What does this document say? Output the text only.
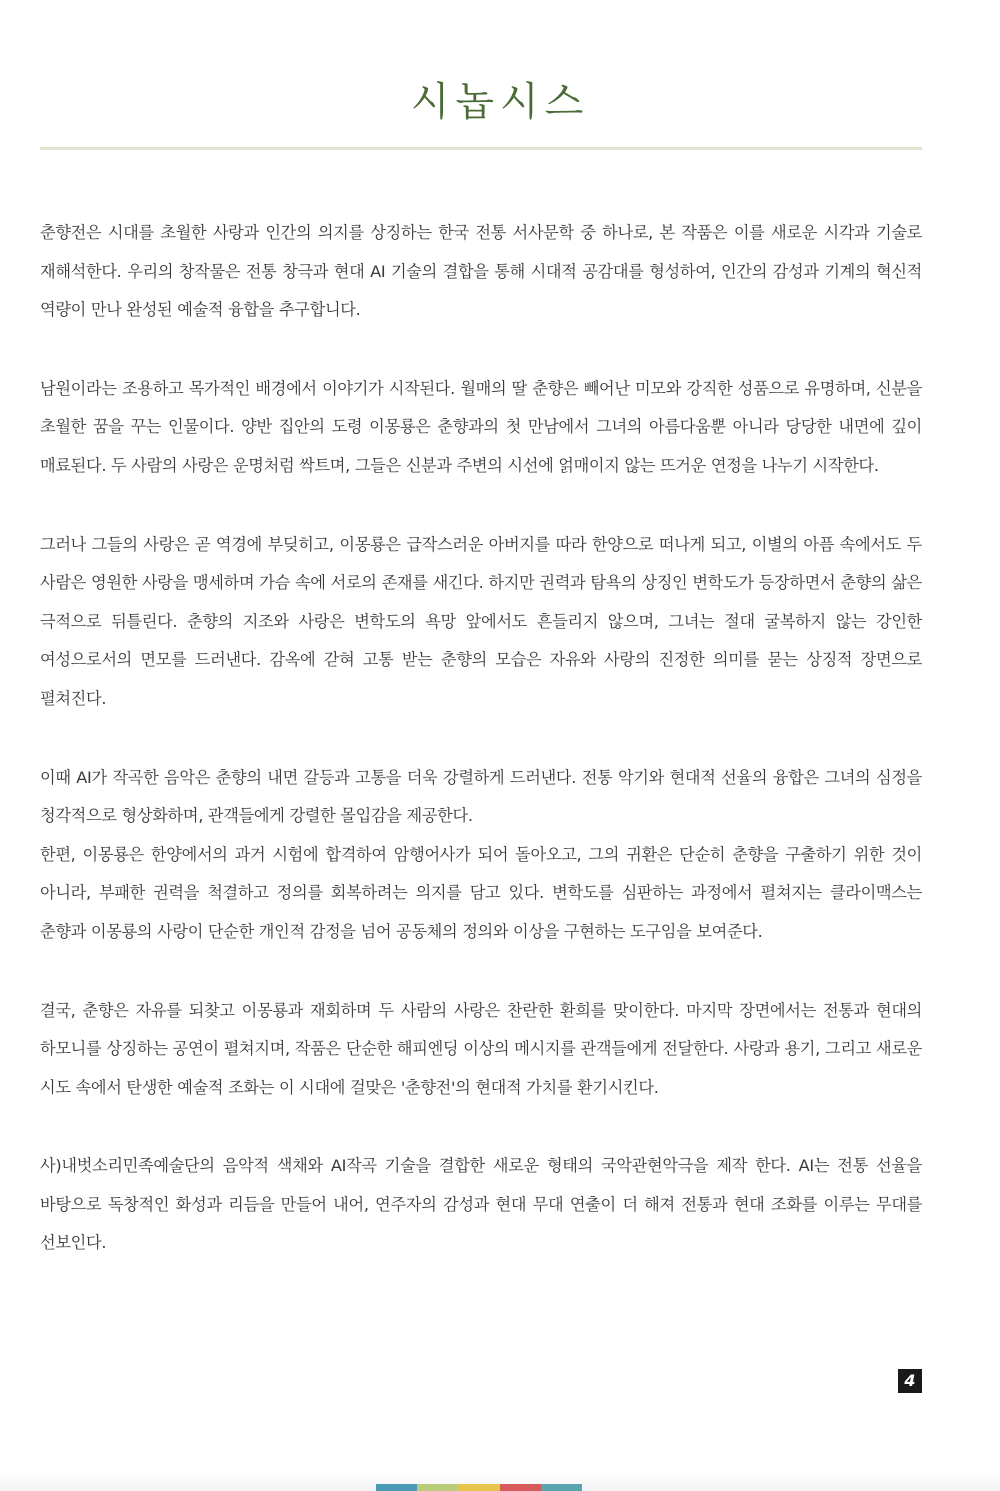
시놉시스

춘향전은 시대를 초월한 사랑과 인간의 의지를 상징하는 한국 전통 서사문학 중 하나로, 본 작품은 이를 새로운 시각과 기술로 재해석한다. 우리의 창작물은 전통 창극과 현대 AI 기술의 결합을 통해 시대적 공감대를 형성하여, 인간의 감성과 기계의 혁신적 역량이 만나 완성된 예술적 융합을 추구합니다.

남원이라는 조용하고 목가적인 배경에서 이야기가 시작된다. 월매의 딸 춘향은 빼어난 미모와 강직한 성품으로 유명하며, 신분을 초월한 꿈을 꾸는 인물이다. 양반 집안의 도령 이몽룡은 춘향과의 첫 만남에서 그녀의 아름다움뿐 아니라 당당한 내면에 깊이 매료된다. 두 사람의 사랑은 운명처럼 싹트며, 그들은 신분과 주변의 시선에 얽매이지 않는 뜨거운 연정을 나누기 시작한다.

그러나 그들의 사랑은 곧 역경에 부딪히고, 이몽룡은 급작스러운 아버지를 따라 한양으로 떠나게 되고, 이별의 아픔 속에서도 두 사람은 영원한 사랑을 맹세하며 가슴 속에 서로의 존재를 새긴다. 하지만 권력과 탐욕의 상징인 변학도가 등장하면서 춘향의 삶은 극적으로 뒤틀린다. 춘향의 지조와 사랑은 변학도의 욕망 앞에서도 흔들리지 않으며, 그녀는 절대 굴복하지 않는 강인한 여성으로서의 면모를 드러낸다. 감옥에 갇혀 고통 받는 춘향의 모습은 자유와 사랑의 진정한 의미를 묻는 상징적 장면으로 펼쳐진다.

이때 AI가 작곡한 음악은 춘향의 내면 갈등과 고통을 더욱 강렬하게 드러낸다. 전통 악기와 현대적 선율의 융합은 그녀의 심정을 청각적으로 형상화하며, 관객들에게 강렬한 몰입감을 제공한다.

한편, 이몽룡은 한양에서의 과거 시험에 합격하여 암행어사가 되어 돌아오고, 그의 귀환은 단순히 춘향을 구출하기 위한 것이 아니라, 부패한 권력을 척결하고 정의를 회복하려는 의지를 담고 있다. 변학도를 심판하는 과정에서 펼쳐지는 클라이맥스는 춘향과 이몽룡의 사랑이 단순한 개인적 감정을 넘어 공동체의 정의와 이상을 구현하는 도구임을 보여준다.

결국, 춘향은 자유를 되찾고 이몽룡과 재회하며 두 사람의 사랑은 찬란한 환희를 맞이한다. 마지막 장면에서는 전통과 현대의 하모니를 상징하는 공연이 펼쳐지며, 작품은 단순한 해피엔딩 이상의 메시지를 관객들에게 전달한다. 사랑과 용기, 그리고 새로운 시도 속에서 탄생한 예술적 조화는 이 시대에 걸맞은 '춘향전'의 현대적 가치를 환기시킨다.

사)내벗소리민족예술단의 음악적 색채와 AI작곡 기술을 결합한 새로운 형태의 국악관현악극을 제작 한다. AI는 전통 선율을 바탕으로 독창적인 화성과 리듬을 만들어 내어, 연주자의 감성과 현대 무대 연출이 더 해져 전통과 현대 조화를 이루는 무대를 선보인다.

4
